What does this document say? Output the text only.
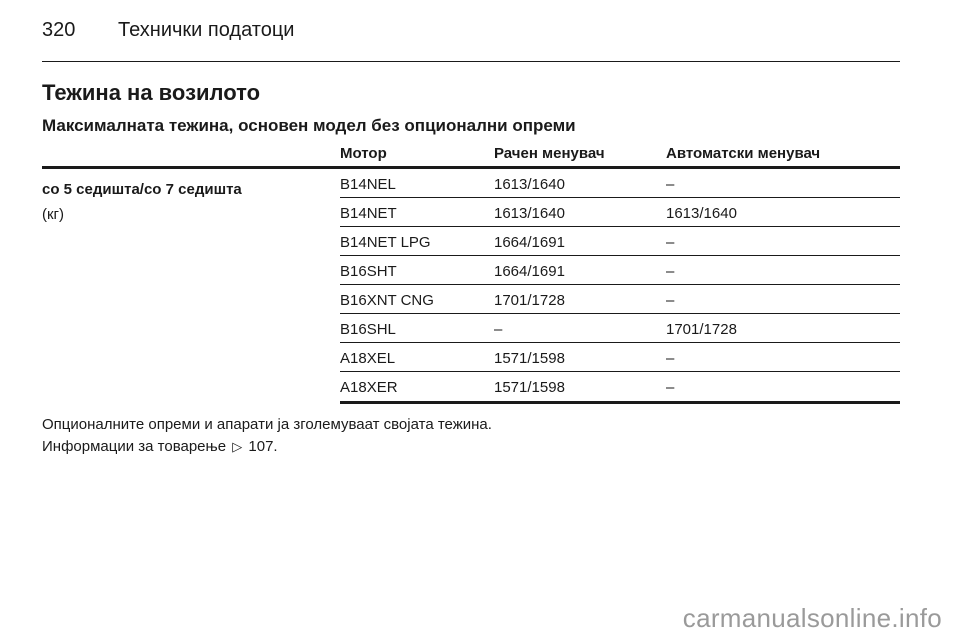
320 Технички податоци
Тежина на возилото
Максималната тежина, основен модел без опционални опреми
Мотор	Рачен менувач	Автоматски менувач
со 5 седишта/со 7 седишта
(кг)
B14NEL	1613/1640	–
B14NET	1613/1640	1613/1640
B14NET LPG	1664/1691	–
B16SHT	1664/1691	–
B16XNT CNG	1701/1728	–
B16SHL	–	1701/1728
A18XEL	1571/1598	–
A18XER	1571/1598	–
Опционалните опреми и апарати ја зголемуваат својата тежина.
Информации за товарење ▷ 107.
carmanualsonline.info
